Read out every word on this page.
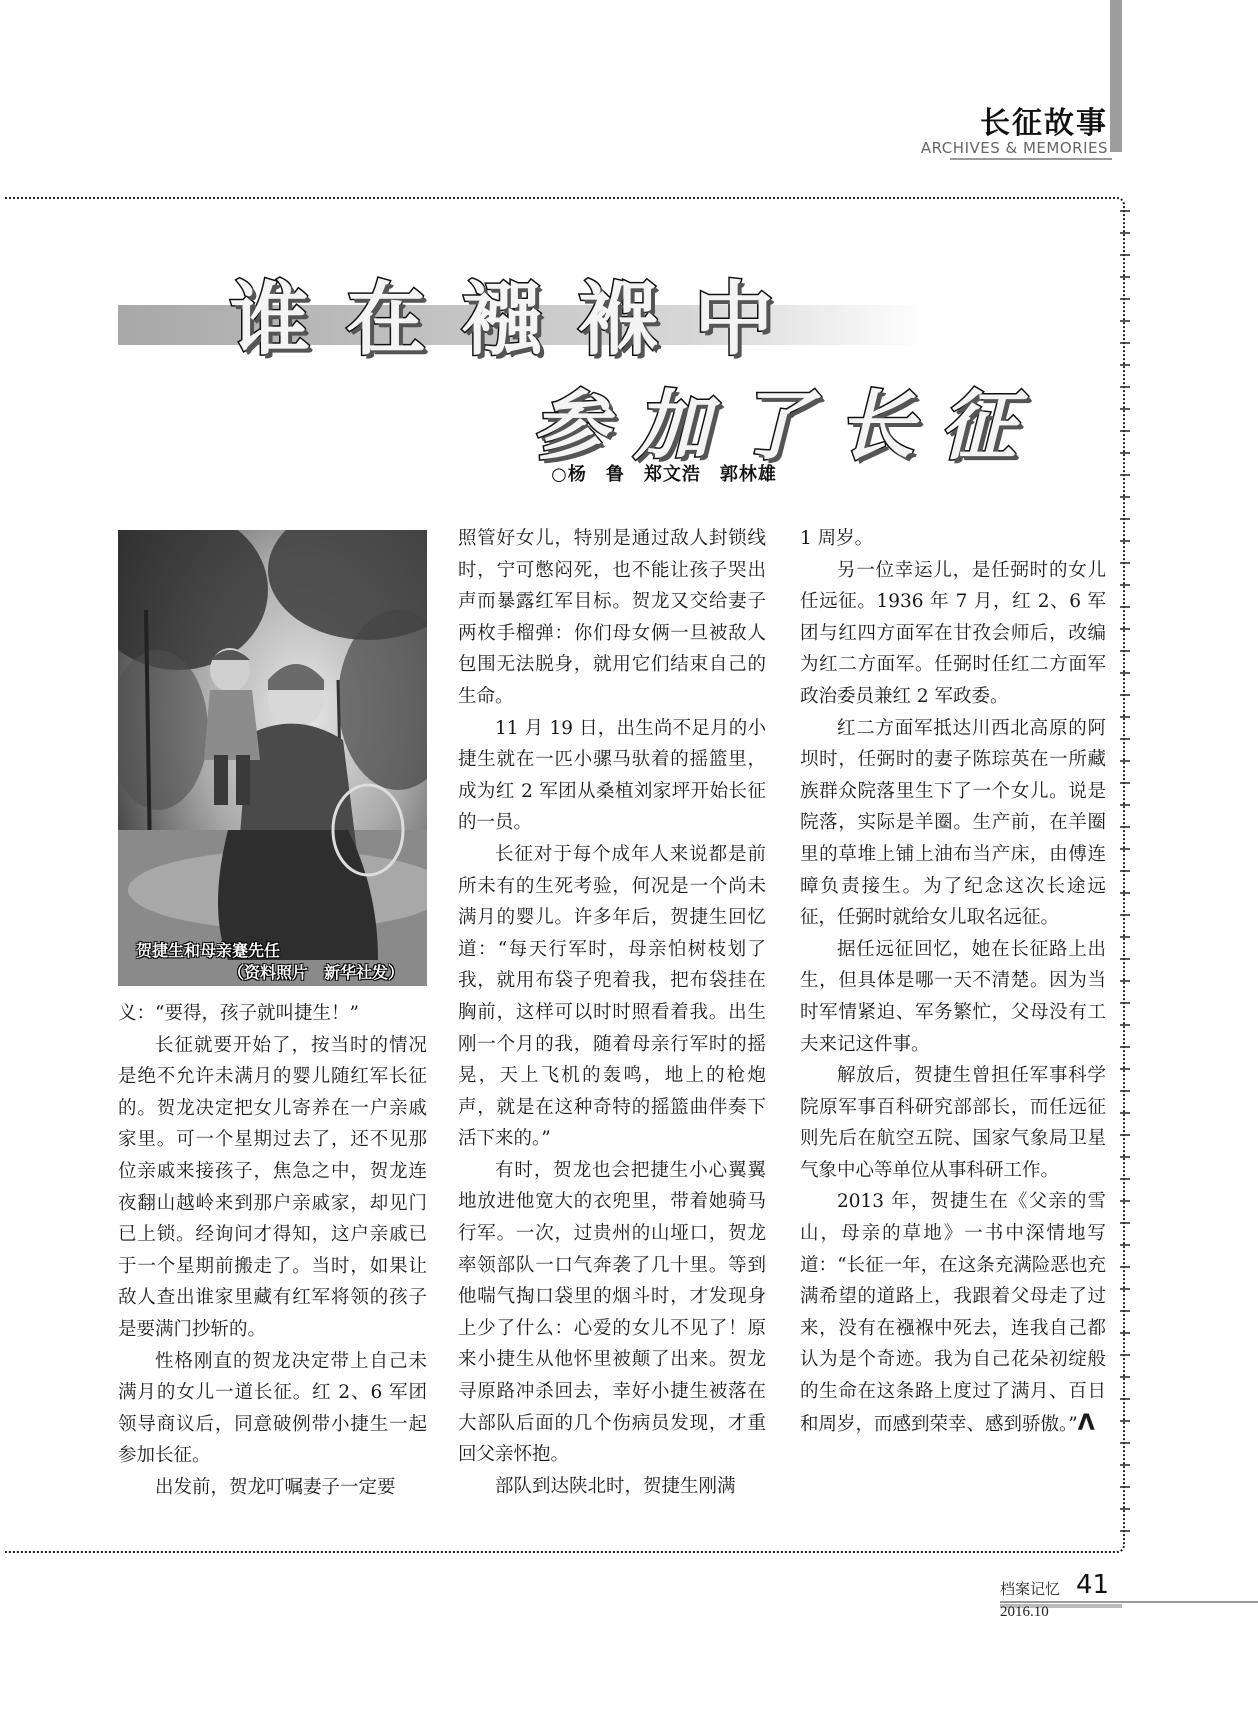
长征故事
ARCHIVES & MEMORIES
谁在襁褓中
参加了长征
○杨　鲁　郑文浩　郭林雄
贺捷生和母亲蹇先任
（资料照片　新华社发）

义：“要得，孩子就叫捷生！”

长征就要开始了，按当时的情况是绝不允许未满月的婴儿随红军长征的。贺龙决定把女儿寄养在一户亲戚家里。可一个星期过去了，还不见那位亲戚来接孩子，焦急之中，贺龙连夜翻山越岭来到那户亲戚家，却见门已上锁。经询问才得知，这户亲戚已于一个星期前搬走了。当时，如果让敌人查出谁家里藏有红军将领的孩子是要满门抄斩的。

性格刚直的贺龙决定带上自己未满月的女儿一道长征。红 2、6 军团领导商议后，同意破例带小捷生一起参加长征。

出发前，贺龙叮嘱妻子一定要

照管好女儿，特别是通过敌人封锁线时，宁可憋闷死，也不能让孩子哭出声而暴露红军目标。贺龙又交给妻子两枚手榴弹：你们母女俩一旦被敌人包围无法脱身，就用它们结束自己的生命。

11 月 19 日，出生尚不足月的小捷生就在一匹小骡马驮着的摇篮里，成为红 2 军团从桑植刘家坪开始长征的一员。

长征对于每个成年人来说都是前所未有的生死考验，何况是一个尚未满月的婴儿。许多年后，贺捷生回忆道：“每天行军时，母亲怕树枝划了我，就用布袋子兜着我，把布袋挂在胸前，这样可以时时照看着我。出生刚一个月的我，随着母亲行军时的摇晃，天上飞机的轰鸣，地上的枪炮声，就是在这种奇特的摇篮曲伴奏下活下来的。”

有时，贺龙也会把捷生小心翼翼地放进他宽大的衣兜里，带着她骑马行军。一次，过贵州的山垭口，贺龙率领部队一口气奔袭了几十里。等到他喘气掏口袋里的烟斗时，才发现身上少了什么：心爱的女儿不见了！原来小捷生从他怀里被颠了出来。贺龙寻原路冲杀回去，幸好小捷生被落在大部队后面的几个伤病员发现，才重回父亲怀抱。

部队到达陕北时，贺捷生刚满

1 周岁。

另一位幸运儿，是任弼时的女儿任远征。1936 年 7 月，红 2、6 军团与红四方面军在甘孜会师后，改编为红二方面军。任弼时任红二方面军政治委员兼红 2 军政委。

红二方面军抵达川西北高原的阿坝时，任弼时的妻子陈琮英在一所藏族群众院落里生下了一个女儿。说是院落，实际是羊圈。生产前，在羊圈里的草堆上铺上油布当产床，由傅连暲负责接生。为了纪念这次长途远征，任弼时就给女儿取名远征。

据任远征回忆，她在长征路上出生，但具体是哪一天不清楚。因为当时军情紧迫、军务繁忙，父母没有工夫来记这件事。

解放后，贺捷生曾担任军事科学院原军事百科研究部部长，而任远征则先后在航空五院、国家气象局卫星气象中心等单位从事科研工作。

2013 年，贺捷生在《父亲的雪山，母亲的草地》一书中深情地写道：“长征一年，在这条充满险恶也充满希望的道路上，我跟着父母走了过来，没有在襁褓中死去，连我自己都认为是个奇迹。我为自己花朵初绽般的生命在这条路上度过了满月、百日和周岁，而感到荣幸、感到骄傲。”Λ

档案记忆 41
2016.10
